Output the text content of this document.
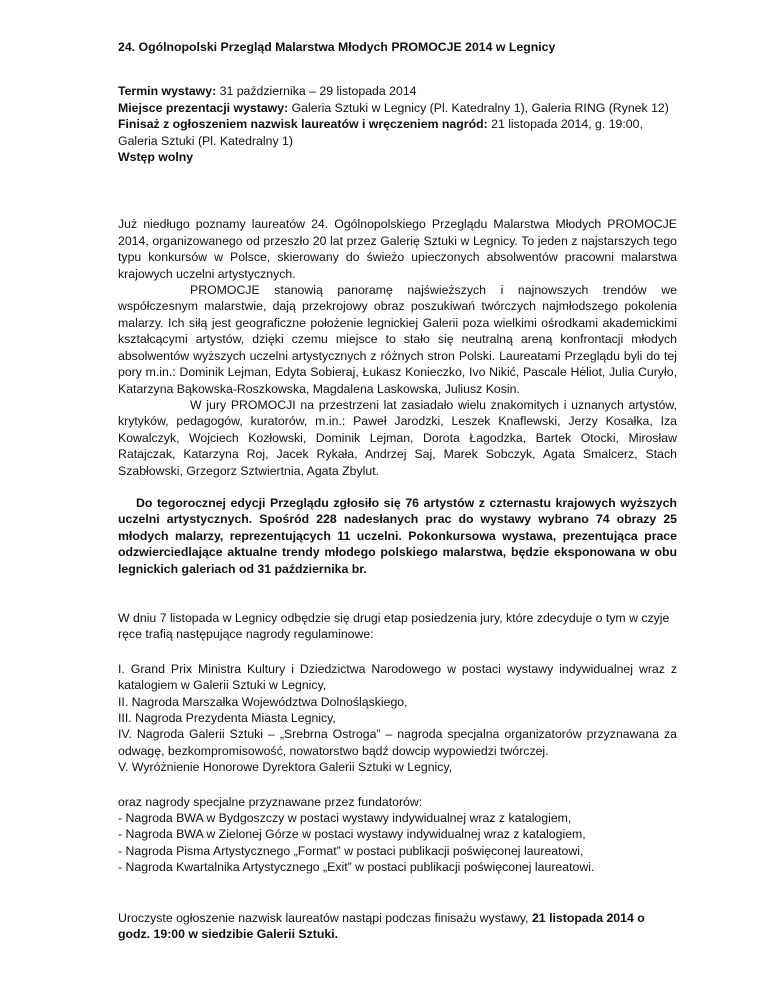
24. Ogólnopolski Przegląd Malarstwa Młodych PROMOCJE 2014 w Legnicy

Termin wystawy: 31 października – 29 listopada 2014

Miejsce prezentacji wystawy: Galeria Sztuki w Legnicy (Pl. Katedralny 1), Galeria RING (Rynek 12)

Finisaż z ogłoszeniem nazwisk laureatów i wręczeniem nagród: 21 listopada 2014, g. 19:00, Galeria Sztuki (Pl. Katedralny 1)

Wstęp wolny

Już niedługo poznamy laureatów 24. Ogólnopolskiego Przeglądu Malarstwa Młodych PROMOCJE 2014, organizowanego od przeszło 20 lat przez Galerię Sztuki w Legnicy. To jeden z najstarszych tego typu konkursów w Polsce, skierowany do świeżo upieczonych absolwentów pracowni malarstwa krajowych uczelni artystycznych.

PROMOCJE stanowią panoramę najświeższych i najnowszych trendów we współczesnym malarstwie, dają przekrojowy obraz poszukiwań twórczych najmłodszego pokolenia malarzy. Ich siłą jest geograficzne położenie legnickiej Galerii poza wielkimi ośrodkami akademickimi kształcącymi artystów, dzięki czemu miejsce to stało się neutralną areną konfrontacji młodych absolwentów wyższych uczelni artystycznych z różnych stron Polski. Laureatami Przeglądu byli do tej pory m.in.: Dominik Lejman, Edyta Sobieraj, Łukasz Konieczko, Ivo Nikić, Pascale Hėliot, Julia Curyło, Katarzyna Bąkowska-Roszkowska, Magdalena Laskowska, Juliusz Kosin.

W jury PROMOCJI na przestrzeni lat zasiadało wielu znakomitych i uznanych artystów, krytyków, pedagogów, kuratorów, m.in.: Paweł Jarodzki, Leszek Knaflewski, Jerzy Kosałka, Iza Kowalczyk, Wojciech Kozłowski, Dominik Lejman, Dorota Łagodzka, Bartek Otocki, Mirosław Ratajczak, Katarzyna Roj, Jacek Rykała, Andrzej Saj, Marek Sobczyk, Agata Smalcerz, Stach Szabłowski, Grzegorz Sztwiertnia, Agata Zbylut.

Do tegorocznej edycji Przeglądu zgłosiło się 76 artystów z czternastu krajowych wyższych uczelni artystycznych. Spośród 228 nadesłanych prac do wystawy wybrano 74 obrazy 25 młodych malarzy, reprezentujących 11 uczelni. Pokonkursowa wystawa, prezentująca prace odzwierciedlające aktualne trendy młodego polskiego malarstwa, będzie eksponowana w obu legnickich galeriach od 31 października br.

W dniu 7 listopada w Legnicy odbędzie się drugi etap posiedzenia jury, które zdecyduje o tym w czyje ręce trafią następujące nagrody regulaminowe:

I. Grand Prix Ministra Kultury i Dziedzictwa Narodowego w postaci wystawy indywidualnej wraz z katalogiem w Galerii Sztuki w Legnicy,
II. Nagroda Marszałka Województwa Dolnośląskiego,
III. Nagroda Prezydenta Miasta Legnicy,
IV. Nagroda Galerii Sztuki – „Srebrna Ostroga” – nagroda specjalna organizatorów przyznawana za odwagę, bezkompromisowość, nowatorstwo bądź dowcip wypowiedzi twórczej.
V. Wyróżnienie Honorowe Dyrektora Galerii Sztuki w Legnicy,

oraz nagrody specjalne przyznawane przez fundatorów:

- Nagroda BWA w Bydgoszczy w postaci wystawy indywidualnej wraz z katalogiem,
- Nagroda BWA w Zielonej Górze w postaci wystawy indywidualnej wraz z katalogiem,
- Nagroda Pisma Artystycznego „Format” w postaci publikacji poświęconej laureatowi,
- Nagroda Kwartalnika Artystycznego „Exit” w postaci publikacji poświęconej laureatowi.

Uroczyste ogłoszenie nazwisk laureatów nastąpi podczas finisażu wystawy, 21 listopada 2014 o godz. 19:00 w siedzibie Galerii Sztuki.
